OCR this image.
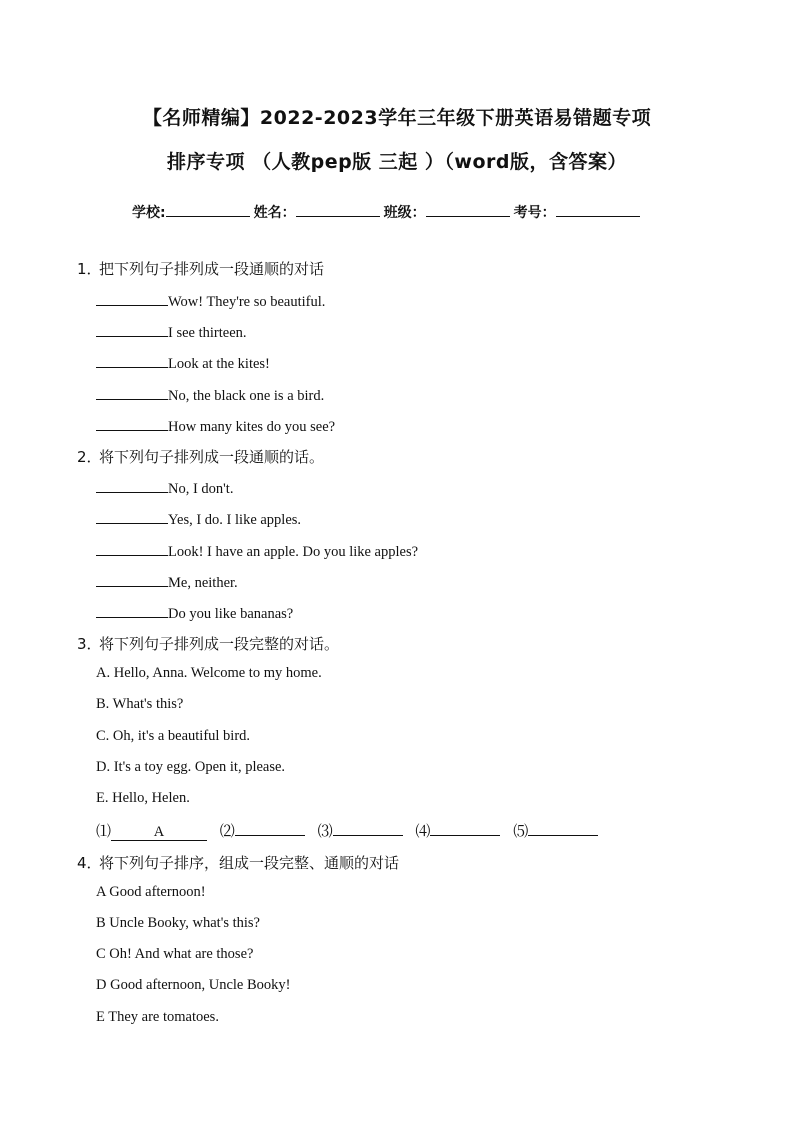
【名师精编】2022-2023学年三年级下册英语易错题专项
排序专项 （人教pep版 三起 ）（word版，含答案）
学校:	姓名：	班级：	考号：
1．把下列句子排列成一段通顺的对话
Wow! They're so beautiful.
I see thirteen.
Look at the kites!
No, the black one is a bird.
How many kites do you see?
2．将下列句子排列成一段通顺的话。
No, I don't.
Yes, I do. I like apples.
Look! I have an apple. Do you like apples?
Me, neither.
Do you like bananas?
3．将下列句子排列成一段完整的对话。
A. Hello, Anna. Welcome to my home.
B. What's this?
C. Oh, it's a beautiful bird.
D. It's a toy egg. Open it, please.
E. Hello, Helen.
⑴	A	⑵	⑶	⑷	⑸
4．将下列句子排序，组成一段完整、通顺的对话
A Good afternoon!
B Uncle Booky, what's this?
C Oh! And what are those?
D Good afternoon, Uncle Booky!
E They are tomatoes.
